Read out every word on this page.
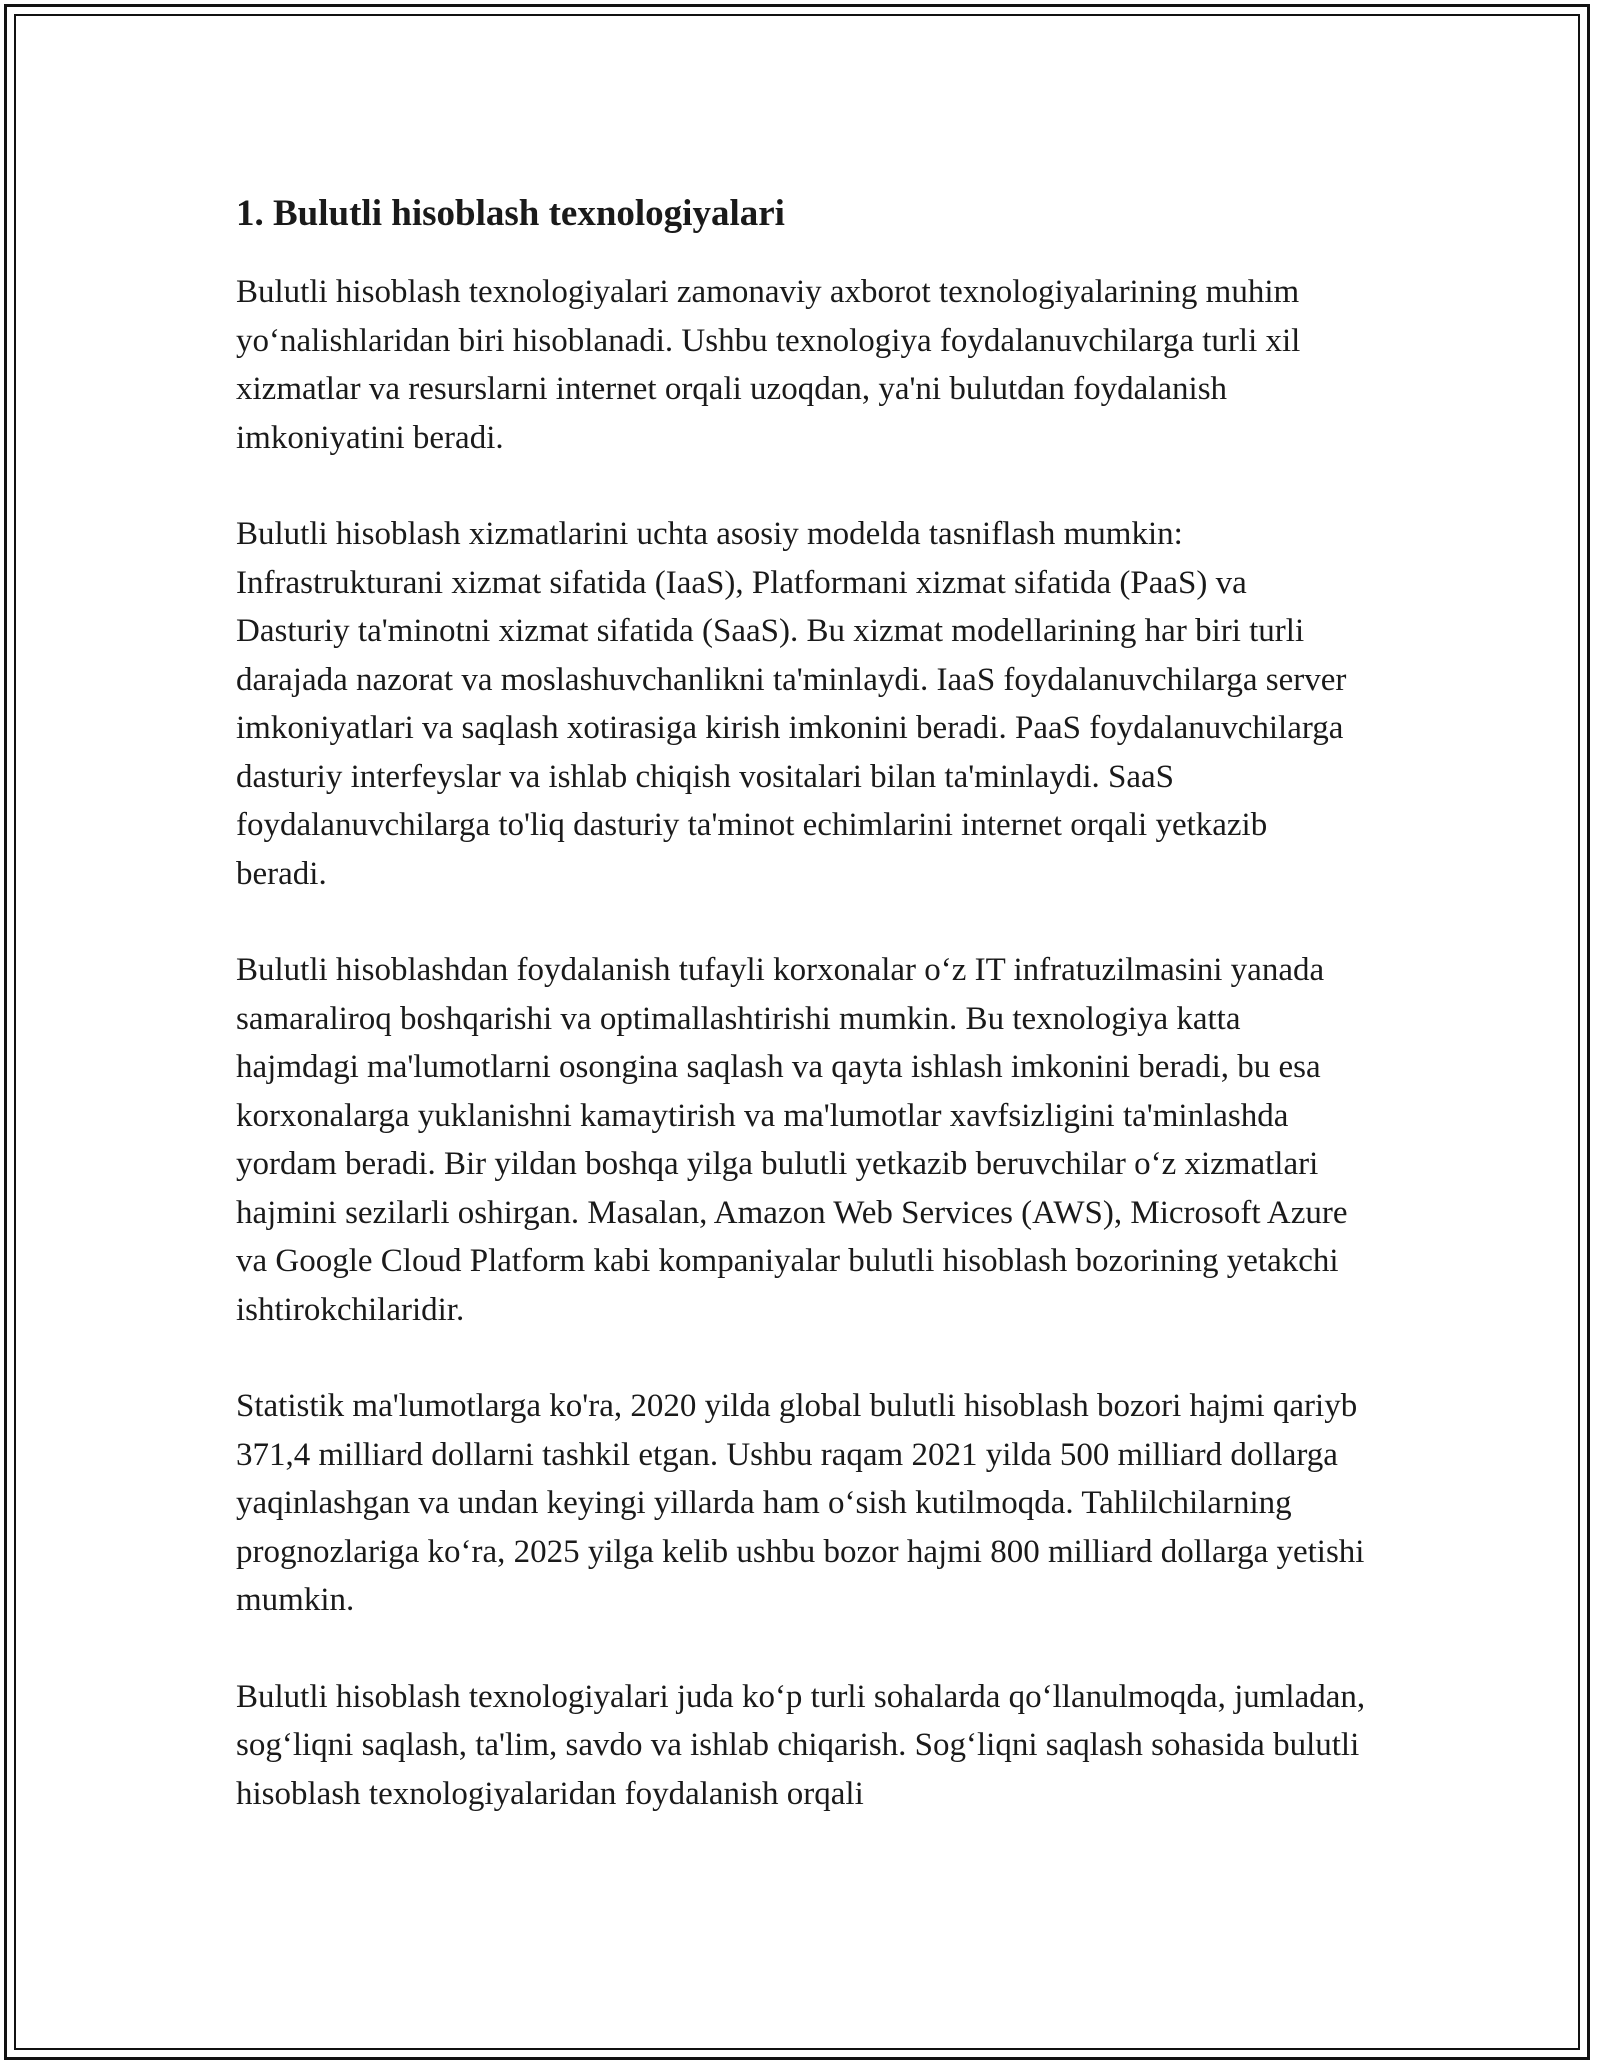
1. Bulutli hisoblash texnologiyalari

Bulutli hisoblash texnologiyalari zamonaviy axborot texnologiyalarining muhim yo‘nalishlaridan biri hisoblanadi. Ushbu texnologiya foydalanuvchilarga turli xil xizmatlar va resurslarni internet orqali uzoqdan, ya'ni bulutdan foydalanish imkoniyatini beradi.

Bulutli hisoblash xizmatlarini uchta asosiy modelda tasniflash mumkin: Infrastrukturani xizmat sifatida (IaaS), Platformani xizmat sifatida (PaaS) va Dasturiy ta'minotni xizmat sifatida (SaaS). Bu xizmat modellarining har biri turli darajada nazorat va moslashuvchanlikni ta'minlaydi. IaaS foydalanuvchilarga server imkoniyatlari va saqlash xotirasiga kirish imkonini beradi. PaaS foydalanuvchilarga dasturiy interfeyslar va ishlab chiqish vositalari bilan ta'minlaydi. SaaS foydalanuvchilarga to'liq dasturiy ta'minot echimlarini internet orqali yetkazib beradi.

Bulutli hisoblashdan foydalanish tufayli korxonalar o‘z IT infratuzilmasini yanada samaraliroq boshqarishi va optimallashtirishi mumkin. Bu texnologiya katta hajmdagi ma'lumotlarni osongina saqlash va qayta ishlash imkonini beradi, bu esa korxonalarga yuklanishni kamaytirish va ma'lumotlar xavfsizligini ta'minlashda yordam beradi. Bir yildan boshqa yilga bulutli yetkazib beruvchilar o‘z xizmatlari hajmini sezilarli oshirgan. Masalan, Amazon Web Services (AWS), Microsoft Azure va Google Cloud Platform kabi kompaniyalar bulutli hisoblash bozorining yetakchi ishtirokchilaridir.

Statistik ma'lumotlarga ko'ra, 2020 yilda global bulutli hisoblash bozori hajmi qariyb 371,4 milliard dollarni tashkil etgan. Ushbu raqam 2021 yilda 500 milliard dollarga yaqinlashgan va undan keyingi yillarda ham o‘sish kutilmoqda. Tahlilchilarning prognozlariga ko‘ra, 2025 yilga kelib ushbu bozor hajmi 800 milliard dollarga yetishi mumkin.

Bulutli hisoblash texnologiyalari juda ko‘p turli sohalarda qo‘llanulmoqda, jumladan, sog‘liqni saqlash, ta'lim, savdo va ishlab chiqarish. Sog‘liqni saqlash sohasida bulutli hisoblash texnologiyalaridan foydalanish orqali
